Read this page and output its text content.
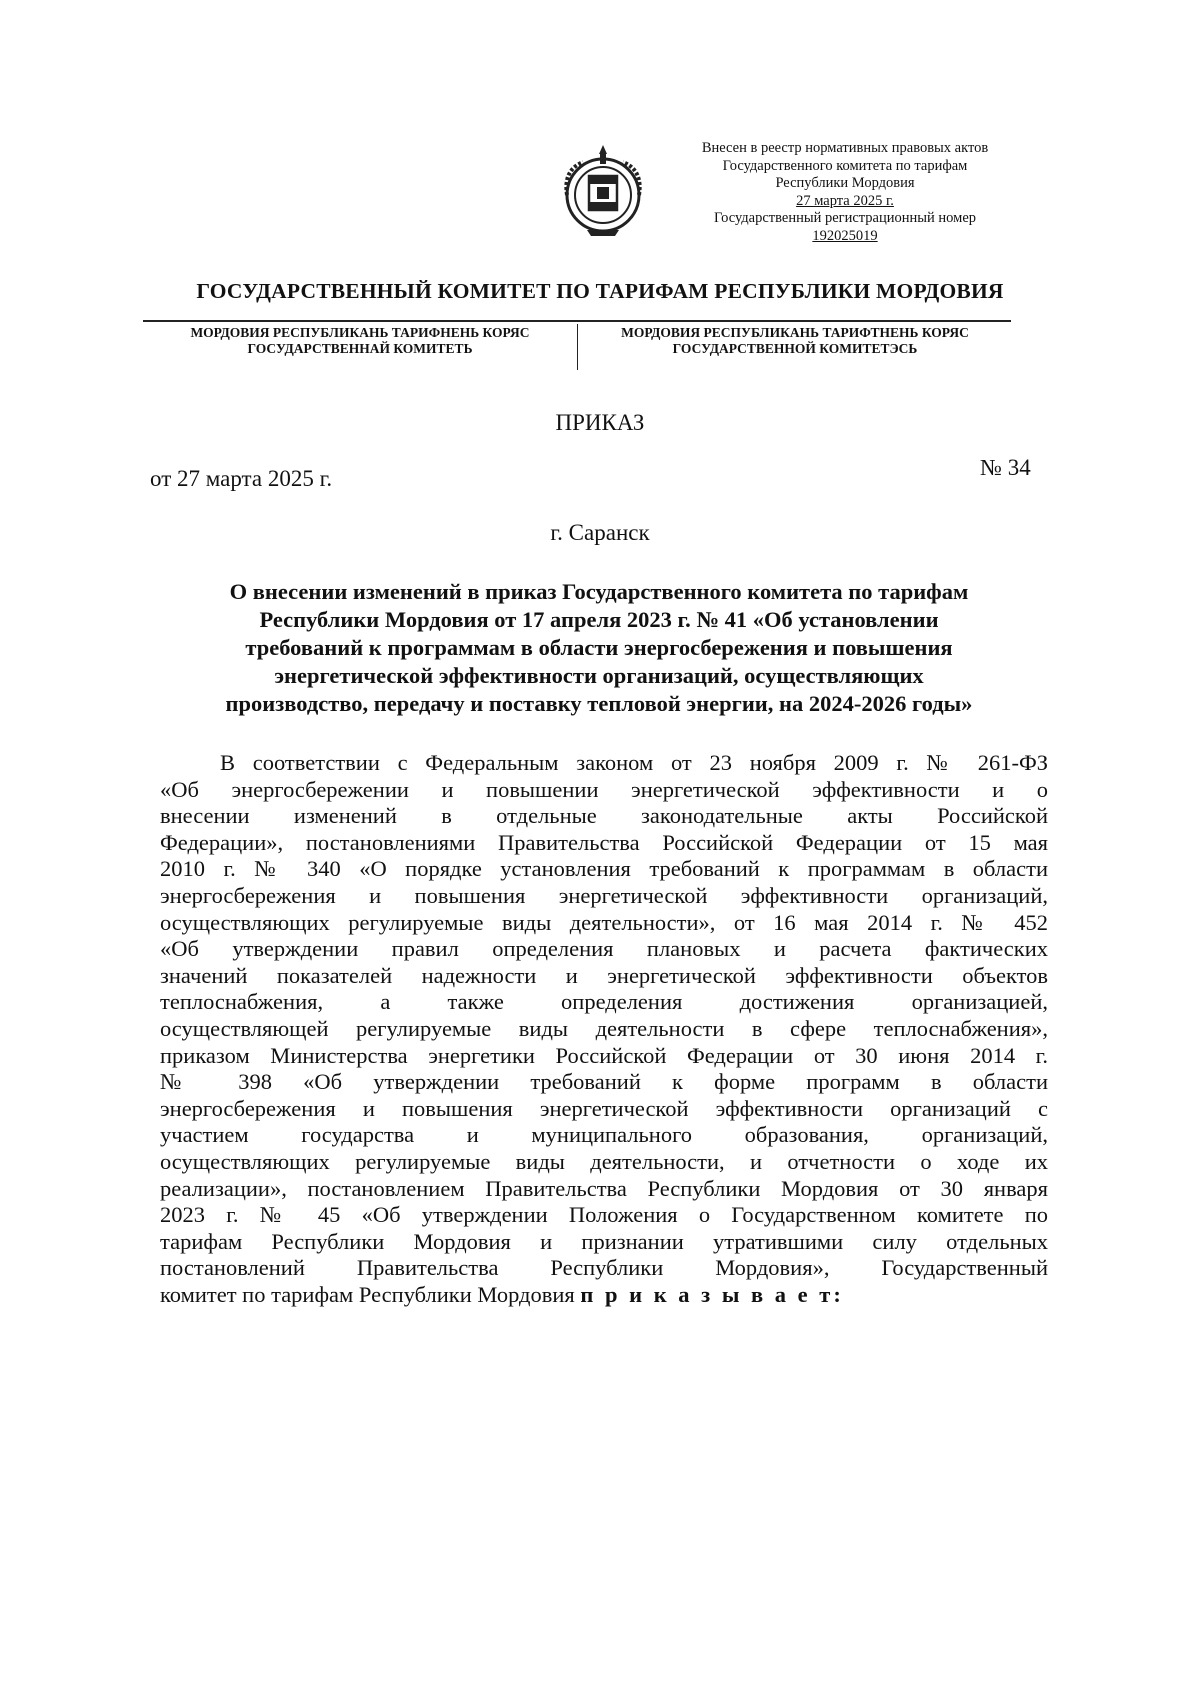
Внесен в реестр нормативных правовых актов
Государственного комитета по тарифам
Республики Мордовия
27 марта 2025 г.
Государственный регистрационный номер
192025019
ГОСУДАРСТВЕННЫЙ КОМИТЕТ ПО ТАРИФАМ РЕСПУБЛИКИ МОРДОВИЯ
МОРДОВИЯ РЕСПУБЛИКАНЬ ТАРИФНЕНЬ КОРЯС
ГОСУДАРСТВЕННАЙ КОМИТЕТЬ
МОРДОВИЯ РЕСПУБЛИКАНЬ ТАРИФТНЕНЬ КОРЯС
ГОСУДАРСТВЕННОЙ КОМИТЕТЭСЬ
ПРИКАЗ
от 27 марта 2025 г.	№ 34
г. Саранск
О внесении изменений в приказ Государственного комитета по тарифам
Республики Мордовия от 17 апреля 2023 г. № 41 «Об установлении
требований к программам в области энергосбережения и повышения
энергетической эффективности организаций, осуществляющих
производство, передачу и поставку тепловой энергии, на 2024-2026 годы»
В соответствии с Федеральным законом от 23 ноября 2009 г. № 261-ФЗ
«Об энергосбережении и повышении энергетической эффективности и о
внесении изменений в отдельные законодательные акты Российской
Федерации», постановлениями Правительства Российской Федерации от 15 мая
2010 г. № 340 «О порядке установления требований к программам в области
энергосбережения и повышения энергетической эффективности организаций,
осуществляющих регулируемые виды деятельности», от 16 мая 2014 г. № 452
«Об утверждении правил определения плановых и расчета фактических
значений показателей надежности и энергетической эффективности объектов
теплоснабжения, а также определения достижения организацией,
осуществляющей регулируемые виды деятельности в сфере теплоснабжения»,
приказом Министерства энергетики Российской Федерации от 30 июня 2014 г.
№ 398 «Об утверждении требований к форме программ в области
энергосбережения и повышения энергетической эффективности организаций с
участием государства и муниципального образования, организаций,
осуществляющих регулируемые виды деятельности, и отчетности о ходе их
реализации», постановлением Правительства Республики Мордовия от 30 января
2023 г. № 45 «Об утверждении Положения о Государственном комитете по
тарифам Республики Мордовия и признании утратившими силу отдельных
постановлений Правительства Республики Мордовия», Государственный
комитет по тарифам Республики Мордовия п р и к а з ы в а е т:
